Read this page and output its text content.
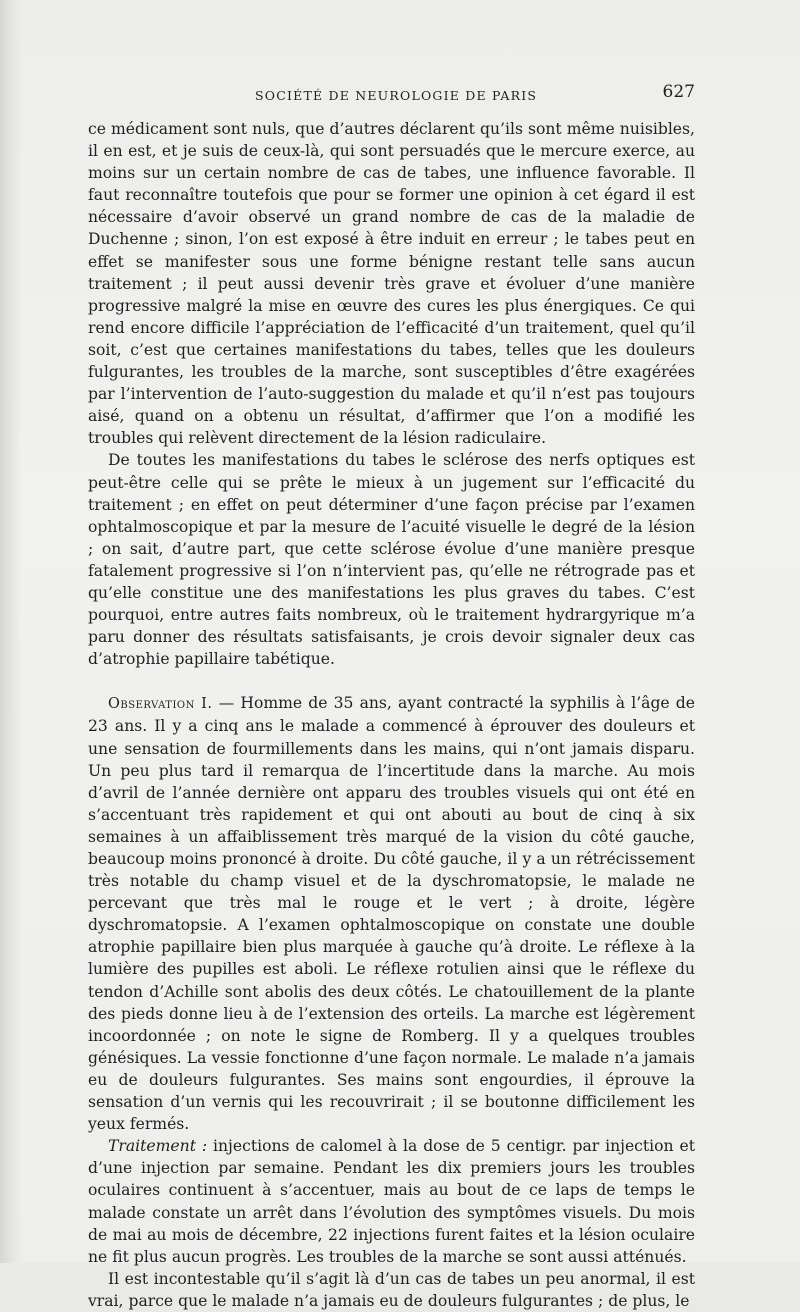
SOCIÉTÉ DE NEUROLOGIE DE PARIS	627

ce médicament sont nuls, que d’autres déclarent qu’ils sont même nuisibles, il en est, et je suis de ceux-là, qui sont persuadés que le mercure exerce, au moins sur un certain nombre de cas de tabes, une influence favorable. Il faut reconnaître toutefois que pour se former une opinion à cet égard il est nécessaire d’avoir observé un grand nombre de cas de la maladie de Duchenne ; sinon, l’on est exposé à être induit en erreur ; le tabes peut en effet se manifester sous une forme bénigne restant telle sans aucun traitement ; il peut aussi devenir très grave et évoluer d’une manière progressive malgré la mise en œuvre des cures les plus énergiques. Ce qui rend encore difficile l’appréciation de l’efficacité d’un traitement, quel qu’il soit, c’est que certaines manifestations du tabes, telles que les douleurs fulgurantes, les troubles de la marche, sont susceptibles d’être exagérées par l’intervention de l’auto-suggestion du malade et qu’il n’est pas toujours aisé, quand on a obtenu un résultat, d’affirmer que l’on a modifié les troubles qui relèvent directement de la lésion radiculaire.

De toutes les manifestations du tabes le sclérose des nerfs optiques est peut-être celle qui se prête le mieux à un jugement sur l’efficacité du traitement ; en effet on peut déterminer d’une façon précise par l’examen ophtalmoscopique et par la mesure de l’acuité visuelle le degré de la lésion ; on sait, d’autre part, que cette sclérose évolue d’une manière presque fatalement progressive si l’on n’intervient pas, qu’elle ne rétrograde pas et qu’elle constitue une des manifestations les plus graves du tabes. C’est pourquoi, entre autres faits nombreux, où le traitement hydrargyrique m’a paru donner des résultats satisfaisants, je crois devoir signaler deux cas d’atrophie papillaire tabétique.

Observation I. — Homme de 35 ans, ayant contracté la syphilis à l’âge de 23 ans. Il y a cinq ans le malade a commencé à éprouver des douleurs et une sensation de fourmillements dans les mains, qui n’ont jamais disparu. Un peu plus tard il remarqua de l’incertitude dans la marche. Au mois d’avril de l’année dernière ont apparu des troubles visuels qui ont été en s’accentuant très rapidement et qui ont abouti au bout de cinq à six semaines à un affaiblissement très marqué de la vision du côté gauche, beaucoup moins prononcé à droite. Du côté gauche, il y a un rétrécissement très notable du champ visuel et de la dyschromatopsie, le malade ne percevant que très mal le rouge et le vert ; à droite, légère dyschromatopsie. A l’examen ophtalmoscopique on constate une double atrophie papillaire bien plus marquée à gauche qu’à droite. Le réflexe à la lumière des pupilles est aboli. Le réflexe rotulien ainsi que le réflexe du tendon d’Achille sont abolis des deux côtés. Le chatouillement de la plante des pieds donne lieu à de l’extension des orteils. La marche est légèrement incoordonnée ; on note le signe de Romberg. Il y a quelques troubles génésiques. La vessie fonctionne d’une façon normale. Le malade n’a jamais eu de douleurs fulgurantes. Ses mains sont engourdies, il éprouve la sensation d’un vernis qui les recouvrirait ; il se boutonne difficilement les yeux fermés.

Traitement : injections de calomel à la dose de 5 centigr. par injection et d’une injection par semaine. Pendant les dix premiers jours les troubles oculaires continuent à s’accentuer, mais au bout de ce laps de temps le malade constate un arrêt dans l’évolution des symptômes visuels. Du mois de mai au mois de décembre, 22 injections furent faites et la lésion oculaire ne fit plus aucun progrès. Les troubles de la marche se sont aussi atténués.

Il est incontestable qu’il s’agit là d’un cas de tabes un peu anormal, il est vrai, parce que le malade n’a jamais eu de douleurs fulgurantes ; de plus, le
